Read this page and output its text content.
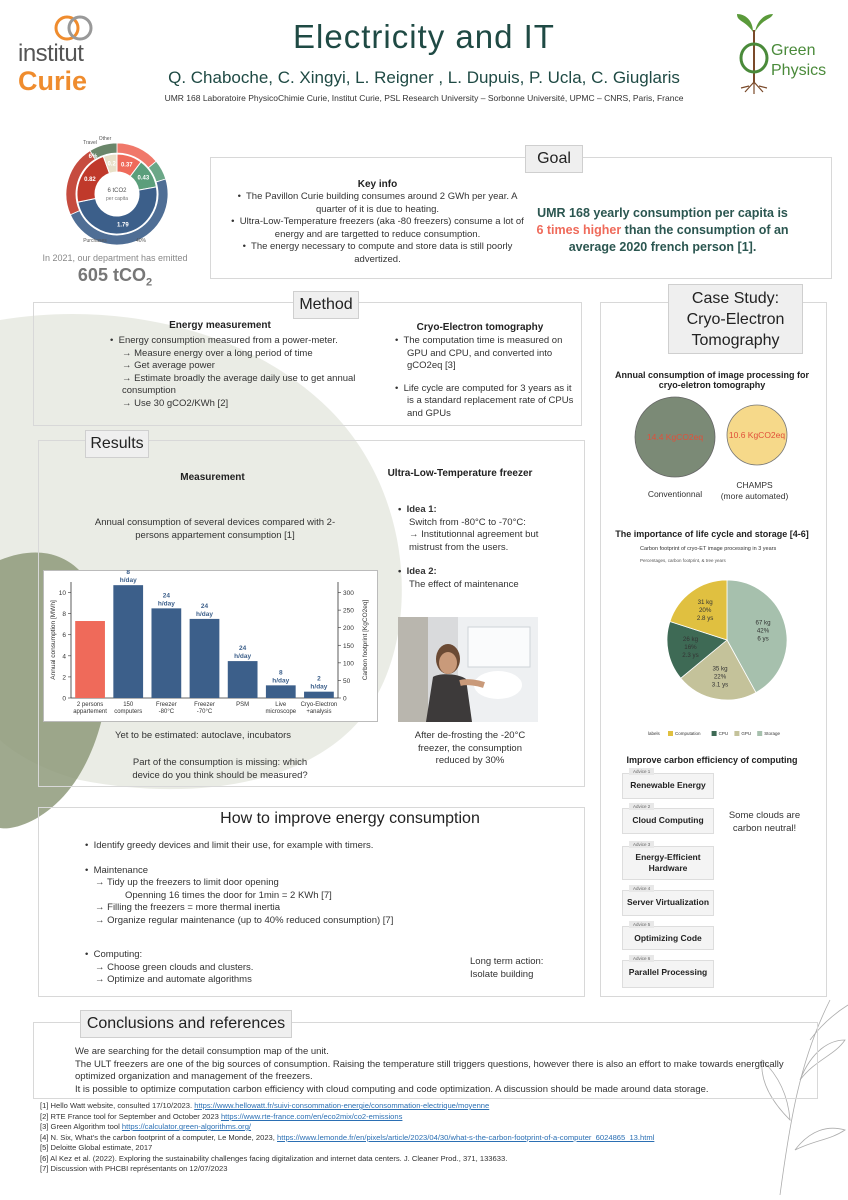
institut
Curie
Green
Physics
Electricity and IT
Q. Chaboche, C. Xingyi, L. Reigner , L. Dupuis, P. Ucla, C. Giuglaris
UMR 168 Laboratoire PhysicoChimie Curie, Institut Curie, PSL Research University – Sorbonne Université, UPMC – CNRS, Paris, France
0.37
0.43
1.79
0.82
0.2
Travel
Other
Purchases	40%
6%
6 tCO2
per capita
In 2021, our department has emitted
605 tCO$_2$
Goal
Key info
•  The Pavillon Curie building consumes around 2 GWh per year. A quarter of it is due to heating.
•  Ultra-Low-Temperature freezers (aka -80 freezers) consume a lot of energy and are targetted to reduce consumption.
•  The energy necessary to compute and store data is still poorly advertized.
UMR 168 yearly consumption per capita is 6 times higher than the consumption of an average 2020 french person [1].
Method
Energy measurement
•  Energy consumption measured from a power-meter.
→ Measure energy over a long period of time
→ Get average power
→ Estimate broadly the average daily use to get annual consumption
→ Use 30 gCO2/KWh [2]
Cryo-Electron tomography
•  The computation time is measured on GPU and CPU, and converted into gCO2eq [3]
•  Life cycle are computed for 3 years as it is a standard replacement rate of CPUs and GPUs
Results
Measurement
Annual consumption of several devices compared with 2-persons appartement consumption [1]
0
2
4
6
8
10
0
50
100
150
200
250
300
Annual consumption [MWh]	Carbon footprint [KgCO2eq]
2 persons
appartement
8
h/day
150
computers
24
h/day
Freezer
-80°C
24
h/day
Freezer
-70°C
24
h/day
PSM
8
h/day
Live
microscope
2
h/day
Cryo-Electron
+analysis
Yet to be estimated: autoclave, incubators
Part of the consumption is missing: which device do you think should be measured?
Ultra-Low-Temperature freezer
•  Idea 1:
Switch from -80°C to -70°C:
→ Institutionnal agreement but mistrust from the users.
•  Idea 2:
The effect of maintenance
After de-frosting the -20°C freezer, the consumption reduced by 30%
How to improve energy consumption
•  Identify greedy devices and limit their use, for example with timers.
•  Maintenance
→ Tidy up the freezers to limit door opening
Openning 16 times the door for 1min = 2 KWh [7]
→ Filling the freezers = more thermal inertia
→ Organize regular maintenance (up to 40% reduced consumption) [7]
•  Computing:
→ Choose green clouds and clusters.
→ Optimize and automate algorithms
Long term action:
Isolate building
Case Study:
Cryo-Electron
Tomography
Annual consumption of image processing for cryo-eletron tomography
14.4 KgCO2eq	10.6 KgCO2eq
Conventionnal
CHAMPS
(more automated)
The importance of life cycle and storage [4-6]
Carbon footprint of cryo-ET image processing in 3 years
Percentages, carbon footprint, & tree years
67 kg
42%
6 ys
35 kg
22%
3.1 ys
26 kg
16%
2.3 ys
31 kg
20%
2.8 ys
labels	Computation	CPU	GPU	Storage
Improve carbon efficiency of computing
Advice 1
Renewable Energy
Advice 2
Cloud Computing
Advice 3
Energy-Efficient Hardware
Advice 4
Server Virtualization
Advice 5
Optimizing Code
Advice 6
Parallel Processing
Some clouds are carbon neutral!
Conclusions and references
We are searching for the detail consumption map of the unit.
The ULT freezers are one of the big sources of consumption. Raising the temperature still triggers questions, however there is also an effort to make towards energtically optimized organization and management of the freezers.
It is possible to optimize computation carbon efficiency with cloud computing and code optimization. A discussion should be made around data storage.
[1] Hello Watt website, consulted 17/10/2023. https://www.hellowatt.fr/suivi-consommation-energie/consommation-electrique/moyenne
[2] RTE France tool for September and October 2023 https://www.rte-france.com/en/eco2mix/co2-emissions
[3] Green Algorithm tool https://calculator.green-algorithms.org/
[4] N. Six, What's the carbon footprint of a computer, Le Monde, 2023, https://www.lemonde.fr/en/pixels/article/2023/04/30/what-s-the-carbon-footprint-of-a-computer_6024865_13.html
[5] Deloitte Global estimate, 2017
[6] Al Kez et al. (2022). Exploring the sustainability challenges facing digitalization and internet data centers. J. Cleaner Prod., 371, 133633.
[7] Discussion with PHCBI représentants on 12/07/2023
